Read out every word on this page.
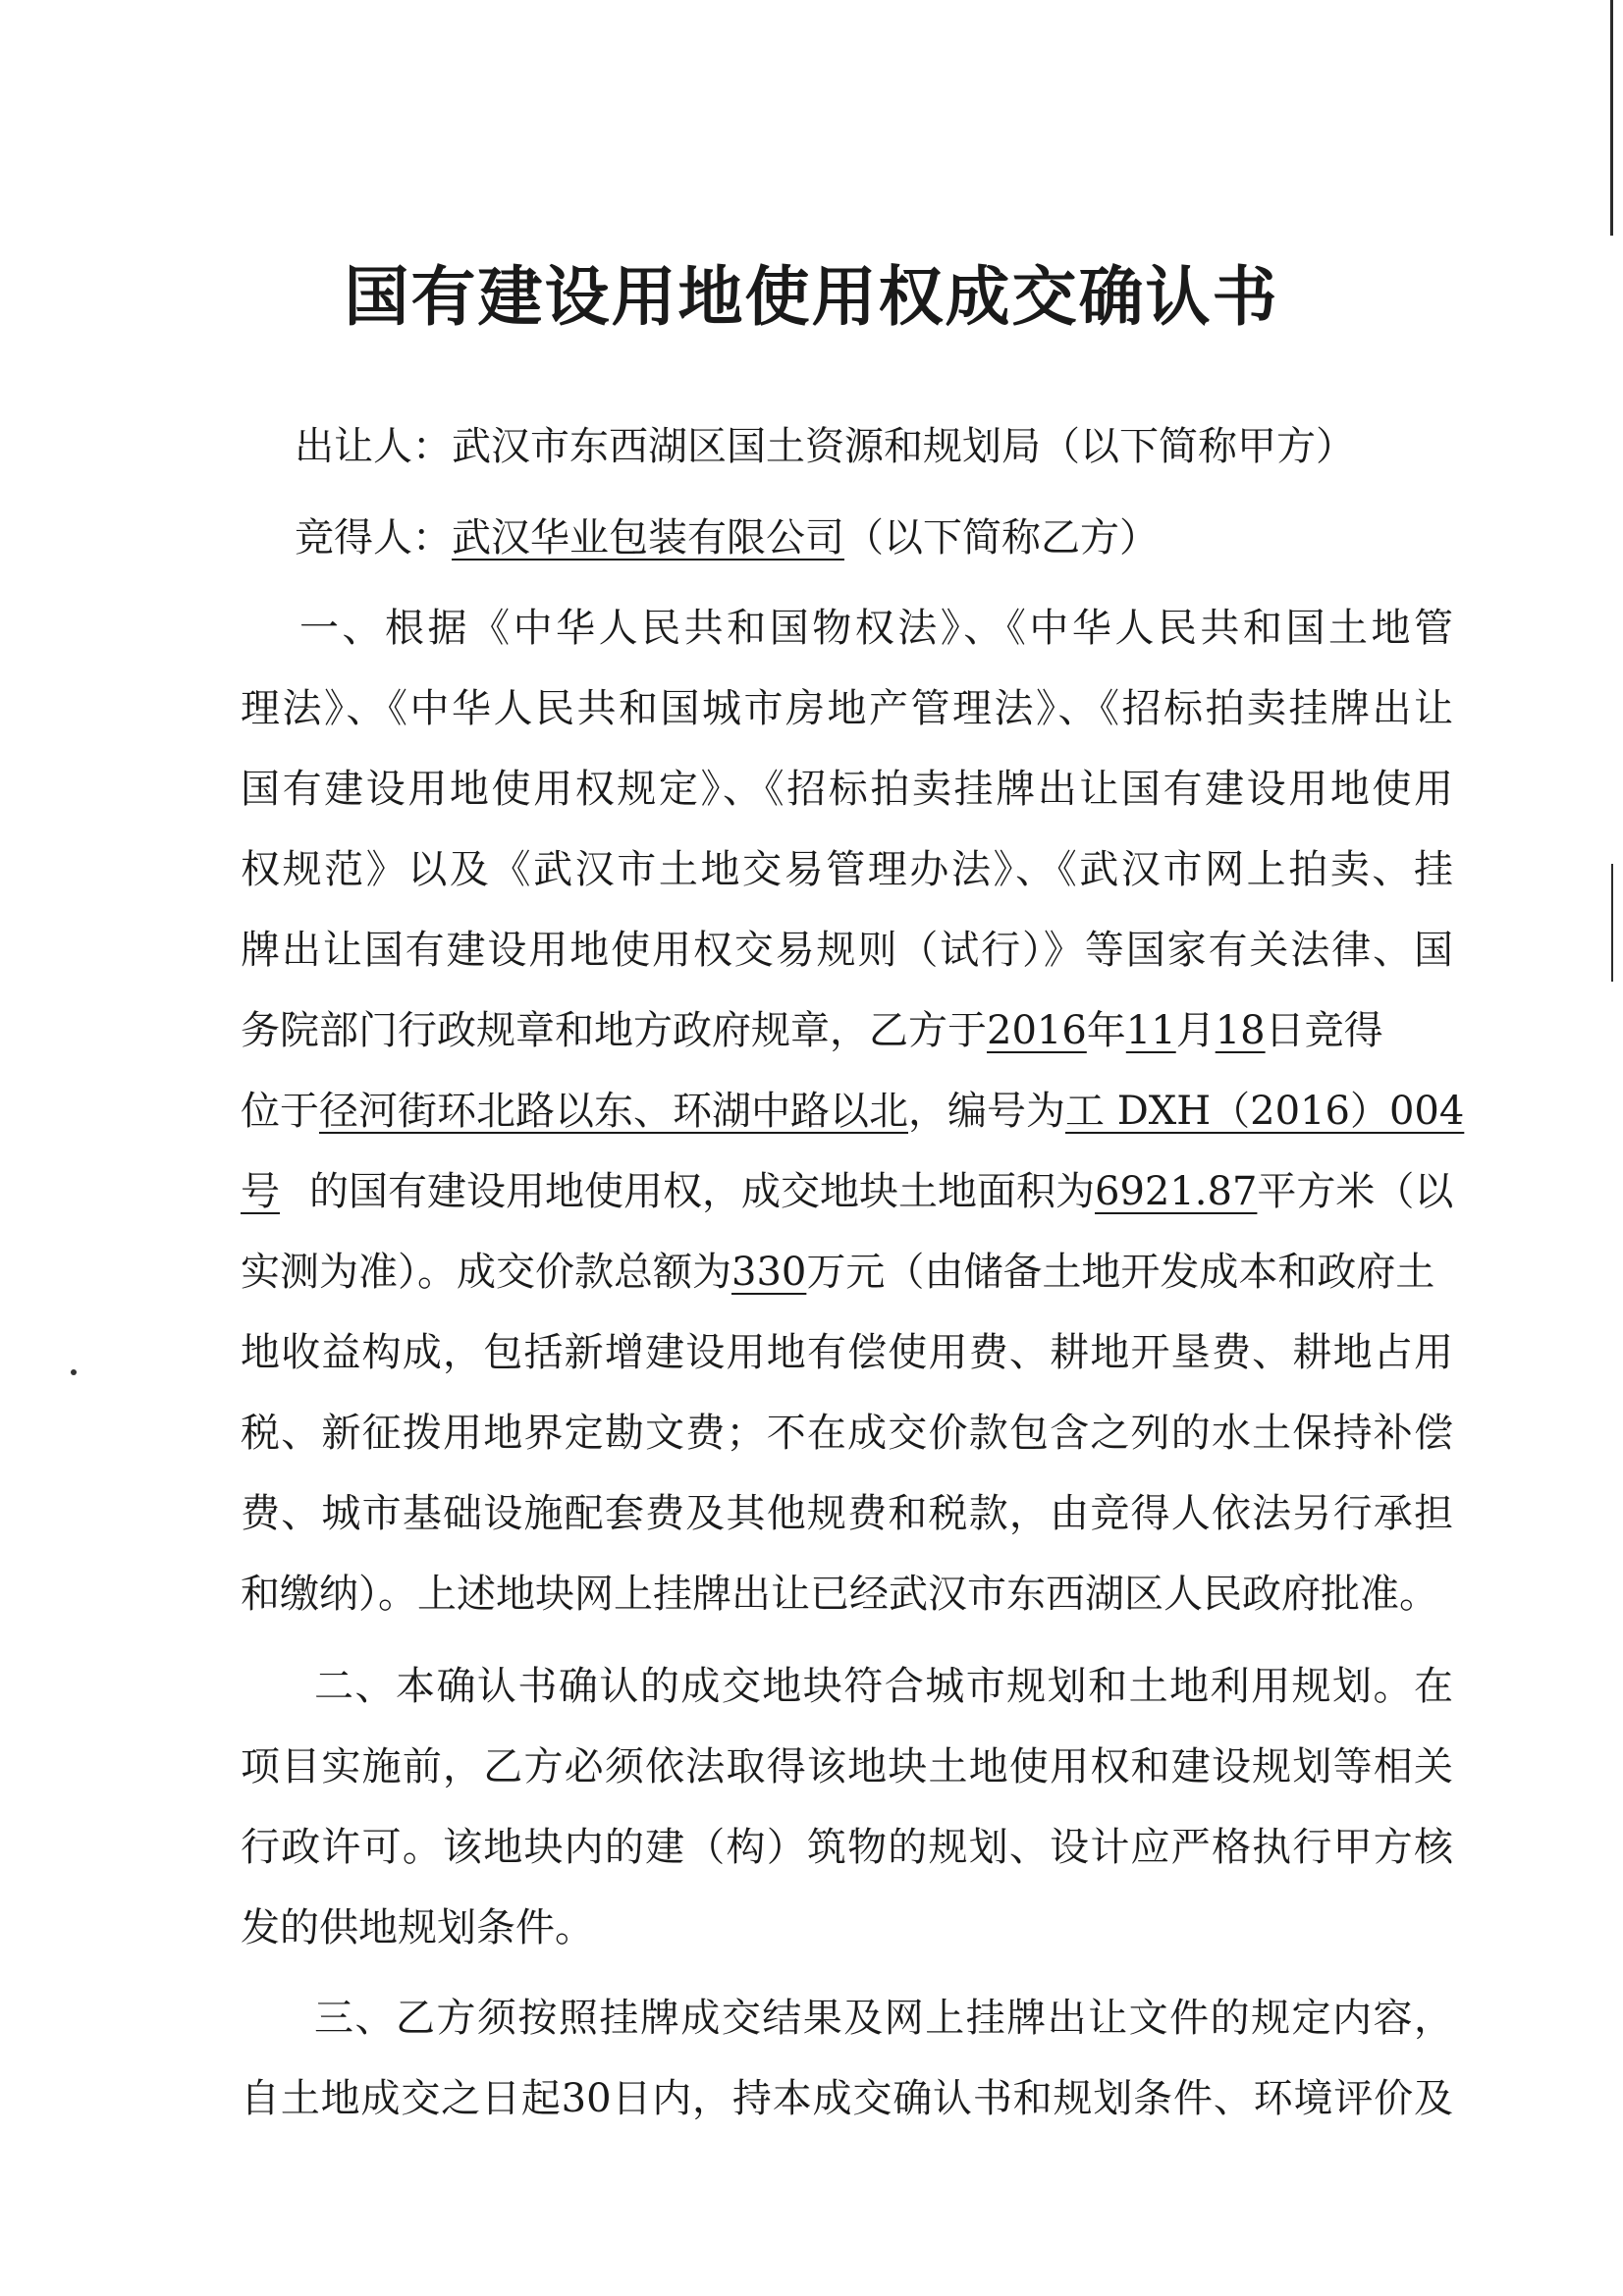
国有建设用地使用权成交确认书

出让人：武汉市东西湖区国土资源和规划局（以下简称甲方）

竞得人：武汉华业包装有限公司（以下简称乙方）

一、根据《中华人民共和国物权法》、《中华人民共和国土地管

理法》、《中华人民共和国城市房地产管理法》、《招标拍卖挂牌出让

国有建设用地使用权规定》、《招标拍卖挂牌出让国有建设用地使用

权规范》以及《武汉市土地交易管理办法》、《武汉市网上拍卖、挂

牌出让国有建设用地使用权交易规则（试行）》等国家有关法律、国

务院部门行政规章和地方政府规章，乙方于2016年11月18日竞得

位于径河街环北路以东、环湖中路以北，编号为工 DXH（2016）004

号 的国有建设用地使用权，成交地块土地面积为6921.87平方米（以

实测为准）。成交价款总额为330万元（由储备土地开发成本和政府土

地收益构成，包括新增建设用地有偿使用费、耕地开垦费、耕地占用

税、新征拨用地界定勘文费；不在成交价款包含之列的水土保持补偿

费、城市基础设施配套费及其他规费和税款，由竞得人依法另行承担

和缴纳）。上述地块网上挂牌出让已经武汉市东西湖区人民政府批准。

二、本确认书确认的成交地块符合城市规划和土地利用规划。在

项目实施前，乙方必须依法取得该地块土地使用权和建设规划等相关

行政许可。该地块内的建（构）筑物的规划、设计应严格执行甲方核

发的供地规划条件。

三、乙方须按照挂牌成交结果及网上挂牌出让文件的规定内容，

自土地成交之日起30日内，持本成交确认书和规划条件、环境评价及
